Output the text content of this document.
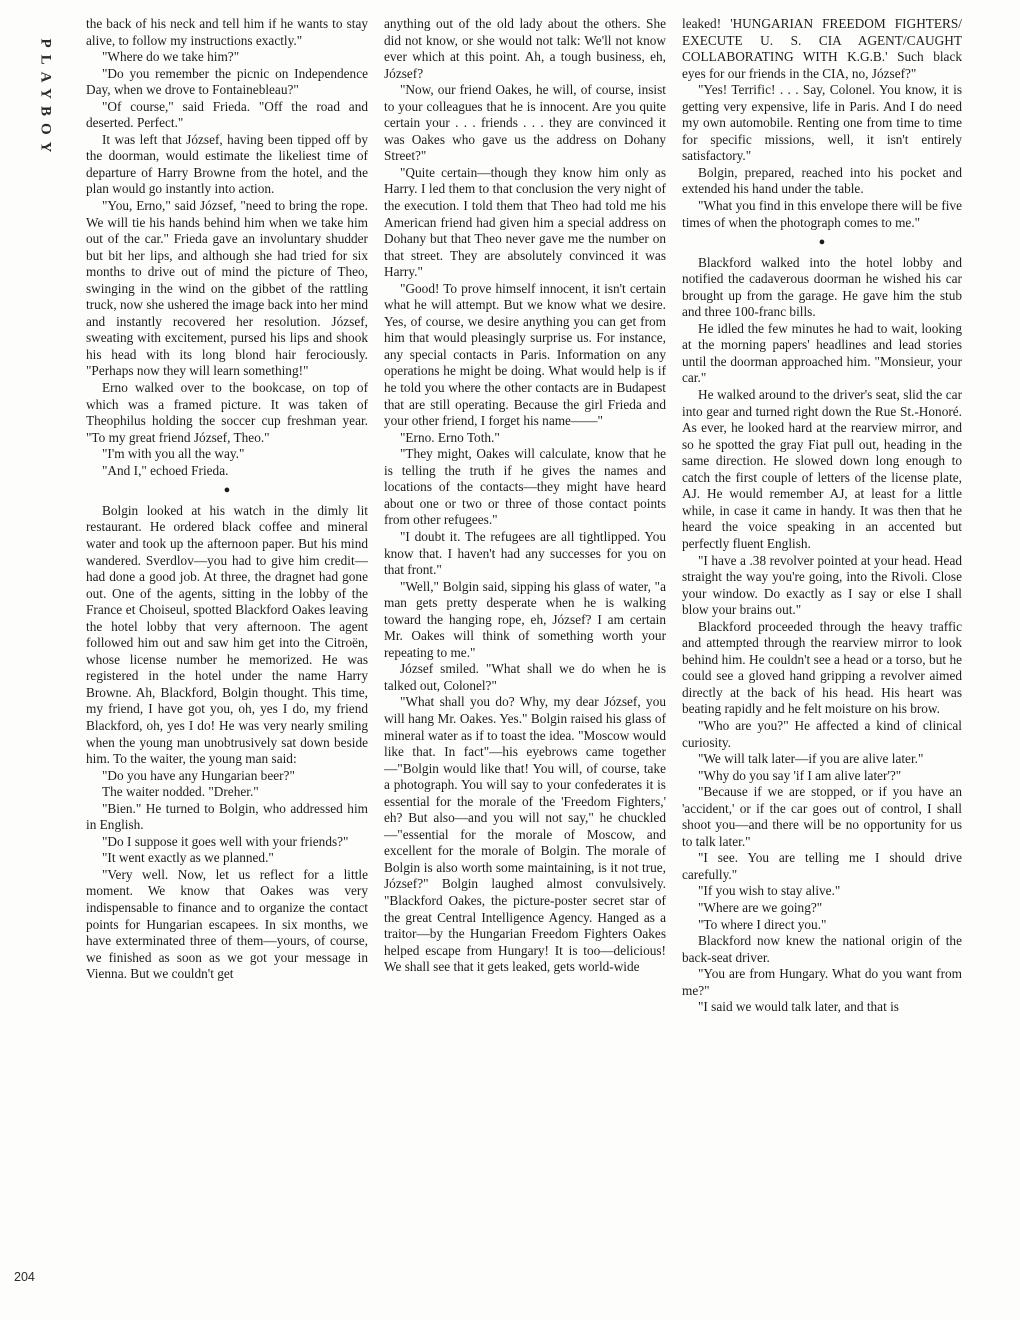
PLAYBOY

the back of his neck and tell him if he wants to stay alive, to follow my instructions exactly."

"Where do we take him?"

"Do you remember the picnic on Independence Day, when we drove to Fontainebleau?"

"Of course," said Frieda. "Off the road and deserted. Perfect."

It was left that József, having been tipped off by the doorman, would estimate the likeliest time of departure of Harry Browne from the hotel, and the plan would go instantly into action.

"You, Erno," said József, "need to bring the rope. We will tie his hands behind him when we take him out of the car." Frieda gave an involuntary shudder but bit her lips, and although she had tried for six months to drive out of mind the picture of Theo, swinging in the wind on the gibbet of the rattling truck, now she ushered the image back into her mind and instantly recovered her resolution. József, sweating with excitement, pursed his lips and shook his head with its long blond hair ferociously. "Perhaps now they will learn something!"

Erno walked over to the bookcase, on top of which was a framed picture. It was taken of Theophilus holding the soccer cup freshman year. "To my great friend József, Theo."

"I'm with you all the way."

"And I," echoed Frieda.

●

Bolgin looked at his watch in the dimly lit restaurant. He ordered black coffee and mineral water and took up the afternoon paper. But his mind wandered. Sverdlov—you had to give him credit—had done a good job. At three, the dragnet had gone out. One of the agents, sitting in the lobby of the France et Choiseul, spotted Blackford Oakes leaving the hotel lobby that very afternoon. The agent followed him out and saw him get into the Citroën, whose license number he memorized. He was registered in the hotel under the name Harry Browne. Ah, Blackford, Bolgin thought. This time, my friend, I have got you, oh, yes I do, my friend Blackford, oh, yes I do! He was very nearly smiling when the young man unobtrusively sat down beside him. To the waiter, the young man said:

"Do you have any Hungarian beer?"

The waiter nodded. "Dreher."

"Bien." He turned to Bolgin, who addressed him in English.

"Do I suppose it goes well with your friends?"

"It went exactly as we planned."

"Very well. Now, let us reflect for a little moment. We know that Oakes was very indispensable to finance and to organize the contact points for Hungarian escapees. In six months, we have exterminated three of them—yours, of course, we finished as soon as we got your message in Vienna. But we couldn't get

anything out of the old lady about the others. She did not know, or she would not talk: We'll not know ever which at this point. Ah, a tough business, eh, József?

"Now, our friend Oakes, he will, of course, insist to your colleagues that he is innocent. Are you quite certain your . . . friends . . . they are convinced it was Oakes who gave us the address on Dohany Street?"

"Quite certain—though they know him only as Harry. I led them to that conclusion the very night of the execution. I told them that Theo had told me his American friend had given him a special address on Dohany but that Theo never gave me the number on that street. They are absolutely convinced it was Harry."

"Good! To prove himself innocent, it isn't certain what he will attempt. But we know what we desire. Yes, of course, we desire anything you can get from him that would pleasingly surprise us. For instance, any special contacts in Paris. Information on any operations he might be doing. What would help is if he told you where the other contacts are in Budapest that are still operating. Because the girl Frieda and your other friend, I forget his name——"

"Erno. Erno Toth."

"They might, Oakes will calculate, know that he is telling the truth if he gives the names and locations of the contacts—they might have heard about one or two or three of those contact points from other refugees."

"I doubt it. The refugees are all tightlipped. You know that. I haven't had any successes for you on that front."

"Well," Bolgin said, sipping his glass of water, "a man gets pretty desperate when he is walking toward the hanging rope, eh, József? I am certain Mr. Oakes will think of something worth your repeating to me."

József smiled. "What shall we do when he is talked out, Colonel?"

"What shall you do? Why, my dear József, you will hang Mr. Oakes. Yes." Bolgin raised his glass of mineral water as if to toast the idea. "Moscow would like that. In fact"—his eyebrows came together—"Bolgin would like that! You will, of course, take a photograph. You will say to your confederates it is essential for the morale of the 'Freedom Fighters,' eh? But also—and you will not say," he chuckled—"essential for the morale of Moscow, and excellent for the morale of Bolgin. The morale of Bolgin is also worth some maintaining, is it not true, József?" Bolgin laughed almost convulsively. "Blackford Oakes, the picture-poster secret star of the great Central Intelligence Agency. Hanged as a traitor—by the Hungarian Freedom Fighters Oakes helped escape from Hungary! It is too—delicious! We shall see that it gets leaked, gets world-wide

leaked! 'HUNGARIAN FREEDOM FIGHTERS/ EXECUTE U. S. CIA AGENT/CAUGHT COLLABORATING WITH K.G.B.' Such black eyes for our friends in the CIA, no, József?"

"Yes! Terrific! . . . Say, Colonel. You know, it is getting very expensive, life in Paris. And I do need my own automobile. Renting one from time to time for specific missions, well, it isn't entirely satisfactory."

Bolgin, prepared, reached into his pocket and extended his hand under the table.

"What you find in this envelope there will be five times of when the photograph comes to me."

●

Blackford walked into the hotel lobby and notified the cadaverous doorman he wished his car brought up from the garage. He gave him the stub and three 100-franc bills.

He idled the few minutes he had to wait, looking at the morning papers' headlines and lead stories until the doorman approached him. "Monsieur, your car."

He walked around to the driver's seat, slid the car into gear and turned right down the Rue St.-Honoré. As ever, he looked hard at the rearview mirror, and so he spotted the gray Fiat pull out, heading in the same direction. He slowed down long enough to catch the first couple of letters of the license plate, AJ. He would remember AJ, at least for a little while, in case it came in handy. It was then that he heard the voice speaking in an accented but perfectly fluent English.

"I have a .38 revolver pointed at your head. Head straight the way you're going, into the Rivoli. Close your window. Do exactly as I say or else I shall blow your brains out."

Blackford proceeded through the heavy traffic and attempted through the rearview mirror to look behind him. He couldn't see a head or a torso, but he could see a gloved hand gripping a revolver aimed directly at the back of his head. His heart was beating rapidly and he felt moisture on his brow.

"Who are you?" He affected a kind of clinical curiosity.

"We will talk later—if you are alive later."

"Why do you say 'if I am alive later'?"

"Because if we are stopped, or if you have an 'accident,' or if the car goes out of control, I shall shoot you—and there will be no opportunity for us to talk later."

"I see. You are telling me I should drive carefully."

"If you wish to stay alive."

"Where are we going?"

"To where I direct you."

Blackford now knew the national origin of the back-seat driver.

"You are from Hungary. What do you want from me?"

"I said we would talk later, and that is

204
